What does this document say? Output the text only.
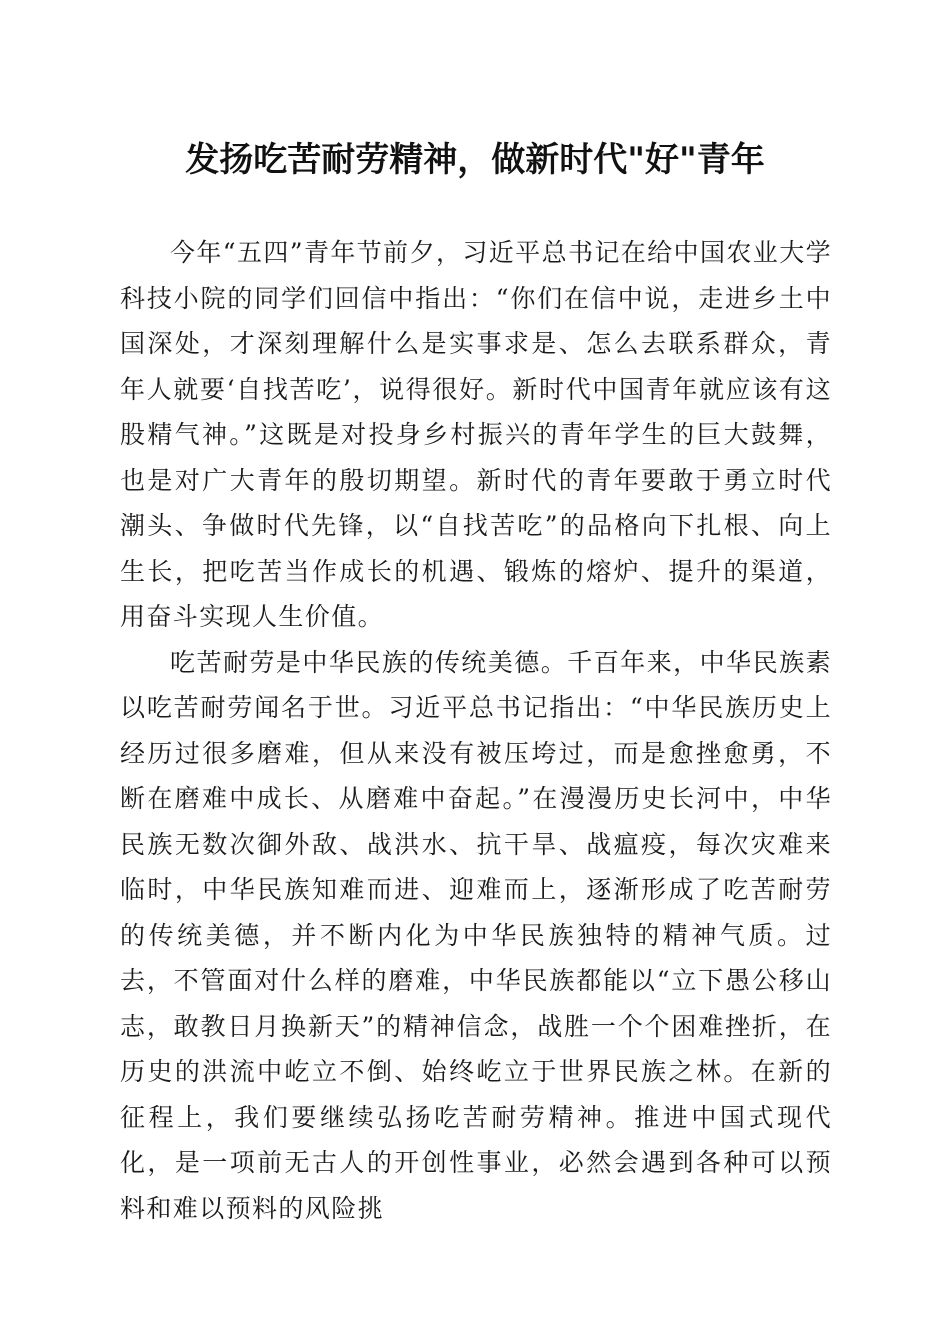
发扬吃苦耐劳精神，做新时代"好"青年

今年“五四”青年节前夕，习近平总书记在给中国农业大学科技小院的同学们回信中指出：“你们在信中说，走进乡土中国深处，才深刻理解什么是实事求是、怎么去联系群众，青年人就要‘自找苦吃’，说得很好。新时代中国青年就应该有这股精气神。”这既是对投身乡村振兴的青年学生的巨大鼓舞，也是对广大青年的殷切期望。新时代的青年要敢于勇立时代潮头、争做时代先锋，以“自找苦吃”的品格向下扎根、向上生长，把吃苦当作成长的机遇、锻炼的熔炉、提升的渠道，用奋斗实现人生价值。

吃苦耐劳是中华民族的传统美德。千百年来，中华民族素以吃苦耐劳闻名于世。习近平总书记指出：“中华民族历史上经历过很多磨难，但从来没有被压垮过，而是愈挫愈勇，不断在磨难中成长、从磨难中奋起。”在漫漫历史长河中，中华民族无数次御外敌、战洪水、抗干旱、战瘟疫，每次灾难来临时，中华民族知难而进、迎难而上，逐渐形成了吃苦耐劳的传统美德，并不断内化为中华民族独特的精神气质。过去，不管面对什么样的磨难，中华民族都能以“立下愚公移山志，敢教日月换新天”的精神信念，战胜一个个困难挫折，在历史的洪流中屹立不倒、始终屹立于世界民族之林。在新的征程上，我们要继续弘扬吃苦耐劳精神。推进中国式现代化，是一项前无古人的开创性事业，必然会遇到各种可以预料和难以预料的风险挑
